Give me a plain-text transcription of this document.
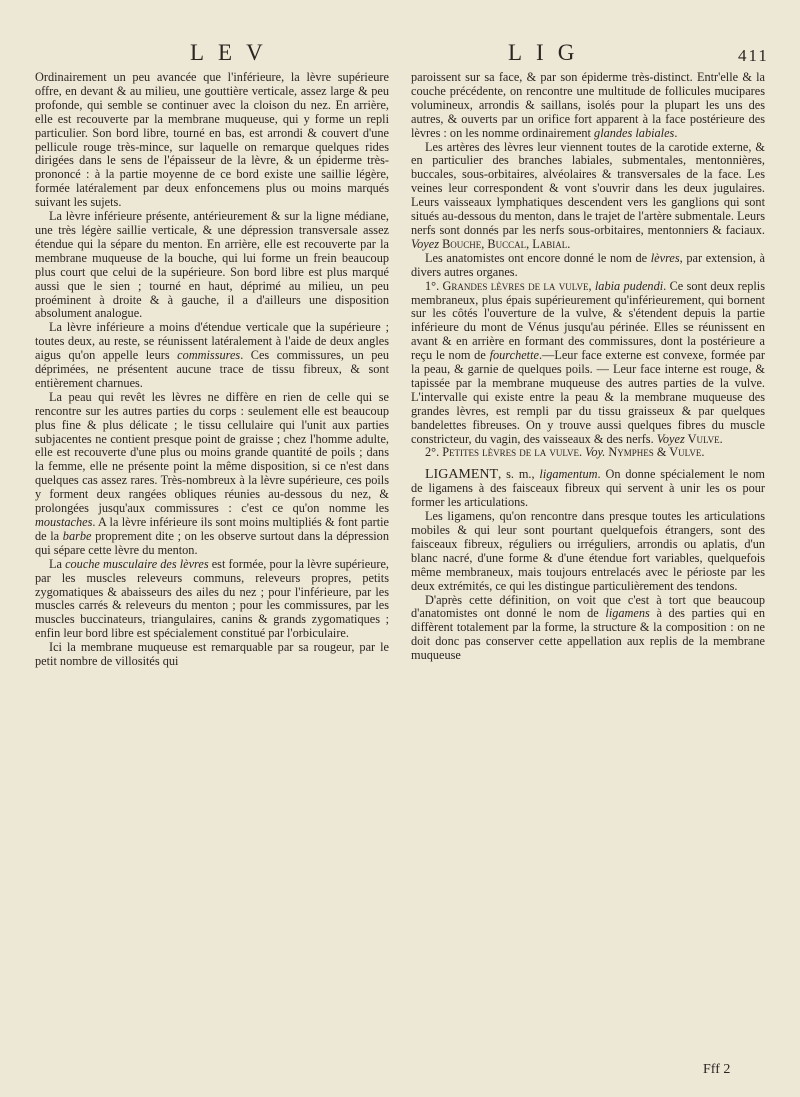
LEV	LIG	411

Ordinairement un peu avancée que l'inférieure, la lèvre supérieure offre, en devant & au milieu, une gouttière verticale, assez large & peu profonde, qui semble se continuer avec la cloison du nez. En arrière, elle est recouverte par la membrane muqueuse, qui y forme un repli particulier. Son bord libre, tourné en bas, est arrondi & couvert d'une pellicule rouge très-mince, sur laquelle on remarque quelques rides dirigées dans le sens de l'épaisseur de la lèvre, & un épiderme très-prononcé : à la partie moyenne de ce bord existe une saillie légère, formée latéralement par deux enfoncemens plus ou moins marqués suivant les sujets.

La lèvre inférieure présente, antérieurement & sur la ligne médiane, une très légère saillie verticale, & une dépression transversale assez étendue qui la sépare du menton. En arrière, elle est recouverte par la membrane muqueuse de la bouche, qui lui forme un frein beaucoup plus court que celui de la supérieure. Son bord libre est plus marqué aussi que le sien ; tourné en haut, déprimé au milieu, un peu proéminent à droite & à gauche, il a d'ailleurs une disposition absolument analogue.

La lèvre inférieure a moins d'étendue verticale que la supérieure ; toutes deux, au reste, se réunissent latéralement à l'aide de deux angles aigus qu'on appelle leurs commissures. Ces commissures, un peu déprimées, ne présentent aucune trace de tissu fibreux, & sont entièrement charnues.

La peau qui revêt les lèvres ne diffère en rien de celle qui se rencontre sur les autres parties du corps : seulement elle est beaucoup plus fine & plus délicate ; le tissu cellulaire qui l'unit aux parties subjacentes ne contient presque point de graisse ; chez l'homme adulte, elle est recouverte d'une plus ou moins grande quantité de poils ; dans la femme, elle ne présente point la même disposition, si ce n'est dans quelques cas assez rares. Très-nombreux à la lèvre supérieure, ces poils y forment deux rangées obliques réunies au-dessous du nez, & prolongées jusqu'aux commissures : c'est ce qu'on nomme les moustaches. A la lèvre inférieure ils sont moins multipliés & font partie de la barbe proprement dite ; on les observe surtout dans la dépression qui sépare cette lèvre du menton.

La couche musculaire des lèvres est formée, pour la lèvre supérieure, par les muscles releveurs communs, releveurs propres, petits zygomatiques & abaisseurs des ailes du nez ; pour l'inférieure, par les muscles carrés & releveurs du menton ; pour les commissures, par les muscles buccinateurs, triangulaires, canins & grands zygomatiques ; enfin leur bord libre est spécialement constitué par l'orbiculaire.

Ici la membrane muqueuse est remarquable par sa rougeur, par le petit nombre de villosités qui

paroissent sur sa face, & par son épiderme très-distinct. Entr'elle & la couche précédente, on rencontre une multitude de follicules mucipares volumineux, arrondis & saillans, isolés pour la plupart les uns des autres, & ouverts par un orifice fort apparent à la face postérieure des lèvres : on les nomme ordinairement glandes labiales.

Les artères des lèvres leur viennent toutes de la carotide externe, & en particulier des branches labiales, submentales, mentonnières, buccales, sous-orbitaires, alvéolaires & transversales de la face. Les veines leur correspondent & vont s'ouvrir dans les deux jugulaires. Leurs vaisseaux lymphatiques descendent vers les ganglions qui sont situés au-dessous du menton, dans le trajet de l'artère submentale. Leurs nerfs sont donnés par les nerfs sous-orbitaires, mentonniers & faciaux. Voyez Bouche, Buccal, Labial.

Les anatomistes ont encore donné le nom de lèvres, par extension, à divers autres organes.

1°. Grandes lèvres de la vulve, labia pudendi. Ce sont deux replis membraneux, plus épais supérieurement qu'inférieurement, qui bornent sur les côtés l'ouverture de la vulve, & s'étendent depuis la partie inférieure du mont de Vénus jusqu'au périnée. Elles se réunissent en avant & en arrière en formant des commissures, dont la postérieure a reçu le nom de fourchette.—Leur face externe est convexe, formée par la peau, & garnie de quelques poils. — Leur face interne est rouge, & tapissée par la membrane muqueuse des autres parties de la vulve. L'intervalle qui existe entre la peau & la membrane muqueuse des grandes lèvres, est rempli par du tissu graisseux & par quelques bandelettes fibreuses. On y trouve aussi quelques fibres du muscle constricteur, du vagin, des vaisseaux & des nerfs. Voyez Vulve.

2°. Petites lèvres de la vulve. Voy. Nymphes & Vulve.

LIGAMENT, s. m., ligamentum. On donne spécialement le nom de ligamens à des faisceaux fibreux qui servent à unir les os pour former les articulations.

Les ligamens, qu'on rencontre dans presque toutes les articulations mobiles & qui leur sont pourtant quelquefois étrangers, sont des faisceaux fibreux, réguliers ou irréguliers, arrondis ou aplatis, d'un blanc nacré, d'une forme & d'une étendue fort variables, quelquefois même membraneux, mais toujours entrelacés avec le périoste par les deux extrémités, ce qui les distingue particulièrement des tendons.

D'après cette définition, on voit que c'est à tort que beaucoup d'anatomistes ont donné le nom de ligamens à des parties qui en diffèrent totalement par la forme, la structure & la composition : on ne doit donc pas conserver cette appellation aux replis de la membrane muqueuse

Fff 2
